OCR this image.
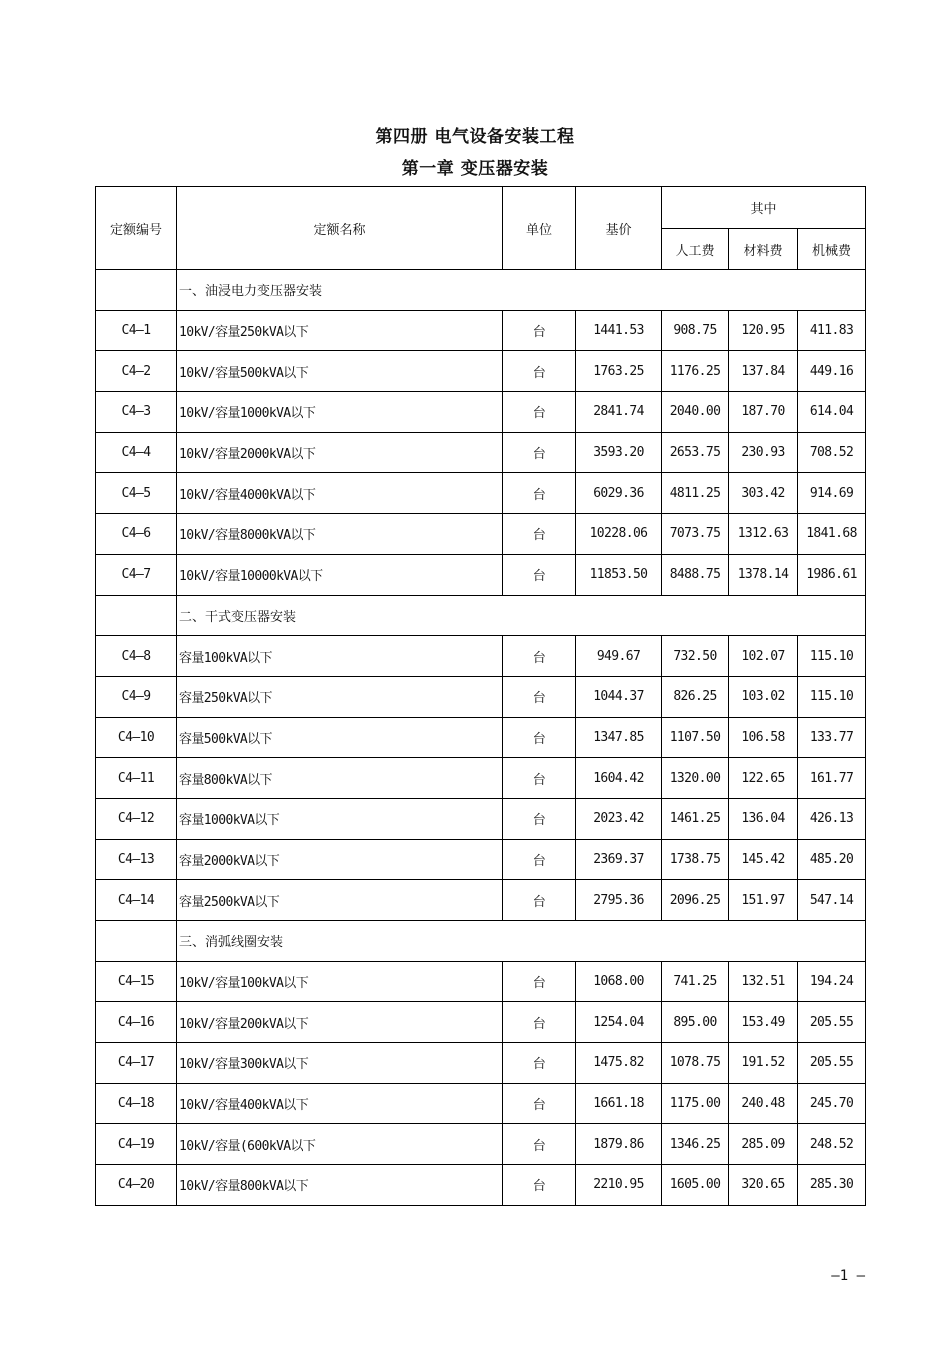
第四册 电气设备安装工程
第一章 变压器安装
定额编号	定额名称	单位	基价	其中		
				人工费	材料费	机械费
	一、油浸电力变压器安装					
C4–1	10kV/容量250kVA以下	台	1441.53	908.75	120.95	411.83
C4–2	10kV/容量500kVA以下	台	1763.25	1176.25	137.84	449.16
C4–3	10kV/容量1000kVA以下	台	2841.74	2040.00	187.70	614.04
C4–4	10kV/容量2000kVA以下	台	3593.20	2653.75	230.93	708.52
C4–5	10kV/容量4000kVA以下	台	6029.36	4811.25	303.42	914.69
C4–6	10kV/容量8000kVA以下	台	10228.06	7073.75	1312.63	1841.68
C4–7	10kV/容量10000kVA以下	台	11853.50	8488.75	1378.14	1986.61
	二、干式变压器安装					
C4–8	容量100kVA以下	台	949.67	732.50	102.07	115.10
C4–9	容量250kVA以下	台	1044.37	826.25	103.02	115.10
C4–10	容量500kVA以下	台	1347.85	1107.50	106.58	133.77
C4–11	容量800kVA以下	台	1604.42	1320.00	122.65	161.77
C4–12	容量1000kVA以下	台	2023.42	1461.25	136.04	426.13
C4–13	容量2000kVA以下	台	2369.37	1738.75	145.42	485.20
C4–14	容量2500kVA以下	台	2795.36	2096.25	151.97	547.14
	三、消弧线圈安装					
C4–15	10kV/容量100kVA以下	台	1068.00	741.25	132.51	194.24
C4–16	10kV/容量200kVA以下	台	1254.04	895.00	153.49	205.55
C4–17	10kV/容量300kVA以下	台	1475.82	1078.75	191.52	205.55
C4–18	10kV/容量400kVA以下	台	1661.18	1175.00	240.48	245.70
C4–19	10kV/容量(600kVA以下	台	1879.86	1346.25	285.09	248.52
C4–20	10kV/容量800kVA以下	台	2210.95	1605.00	320.65	285.30
–1 –
